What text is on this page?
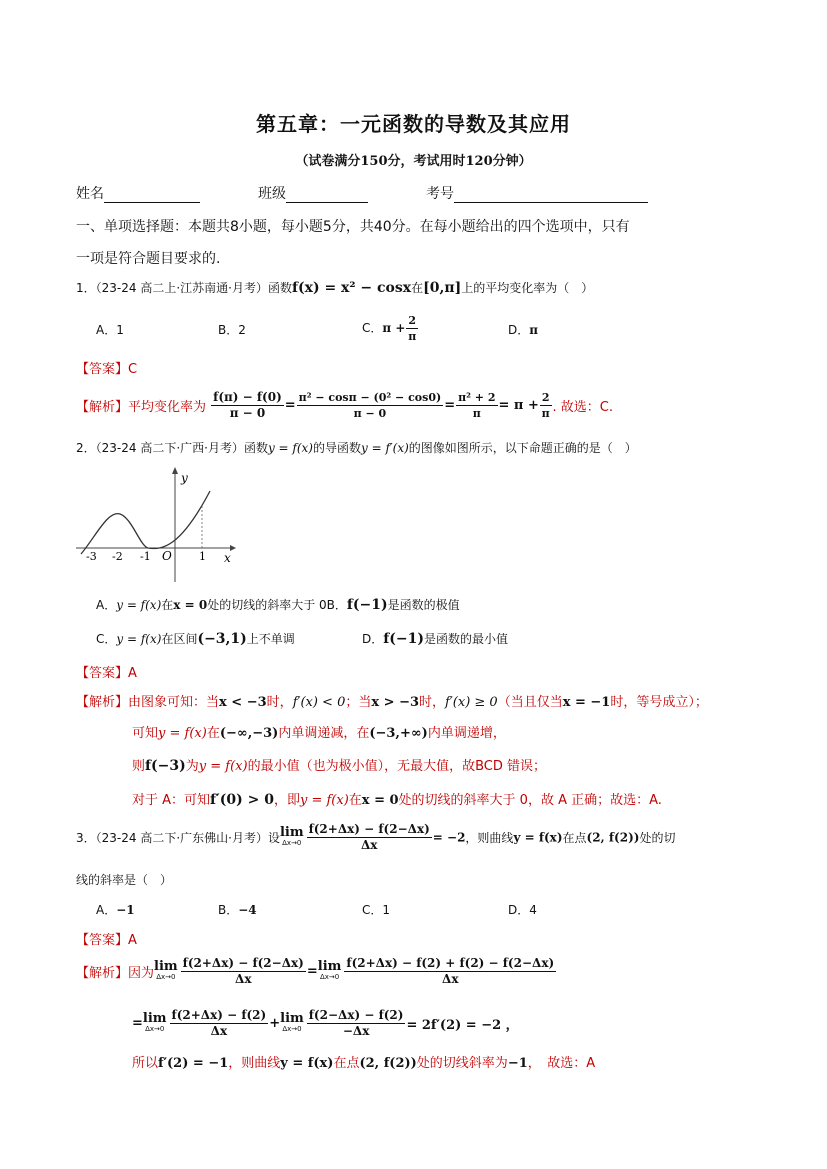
第五章：一元函数的导数及其应用
（试卷满分150分，考试用时120分钟）
姓名	班级	考号
一、单项选择题：本题共8小题，每小题5分，共40分。在每小题给出的四个选项中，只有
一项是符合题目要求的.
1．（23-24 高二上·江苏南通·月考）函数f(x) = x² − cosx在[0,π]上的平均变化率为（　）
A．1	B．2	C．$\pi + \frac{2}{\pi}$	D．π
【答案】C
【解析】平均变化率为 $\frac{f(\pi) - f(0)}{\pi - 0} = \frac{\text{π² − cosπ − (0² − cos0)}}{\pi - 0} = \frac{\text{π² + 2}}{\pi} = \pi + \frac{2}{\pi}$ . 故选：C.
2．（23-24 高二下·广西·月考）函数y = f(x)的导函数y = f′(x)的图像如图所示，以下命题正确的是（　）
y
x
O
-3 -2 -1	1
A．y = f(x)在x = 0处的切线的斜率大于 0B．f(−1)是函数的极值
C．y = f(x)在区间(−3,1)上不单调	D．f(−1)是函数的最小值
【答案】A
【解析】由图象可知：当x < −3时，f′(x) < 0；当x > −3时，f′(x) ≥ 0（当且仅当x = −1时，等号成立）；
可知y = f(x)在(−∞,−3)内单调递减，在(−3,+∞)内单调递增，
则f(−3)为y = f(x)的最小值（也为极小值），无最大值，故BCD 错误；
对于 A：可知f′(0) > 0，即y = f(x)在x = 0处的切线的斜率大于 0，故 A 正确；故选：A.
3．（23-24 高二下·广东佛山·月考）设 lim
$\Delta x\to 0 \frac{f(2+\Delta x) - f(2-\Delta x)}{\Delta x} = -2$，则曲线y = f(x)在点(2, f(2))处的切
线的斜率是（　）
A．−1	B．−4	C．1	D．4
【答案】A
【解析】因为 lim
$\Delta x\to 0 \frac{f(2+\Delta x) - f(2-\Delta x)}{\Delta x} = \lim$
$\Delta x\to 0 \frac{f(2+\Delta x) - f(2) + f(2) - f(2-\Delta x)}{\Delta x}$
= lim
$\Delta x\to 0 \frac{f(2+\Delta x) - f(2)}{\Delta x} + \lim$
$\Delta x\to 0 \frac{f(2-\Delta x) - f(2)}{-\Delta x} = 2f'(2) = -2$ ，
所以f′(2) = −1，则曲线y = f(x)在点(2, f(2))处的切线斜率为−1，　故选：A
